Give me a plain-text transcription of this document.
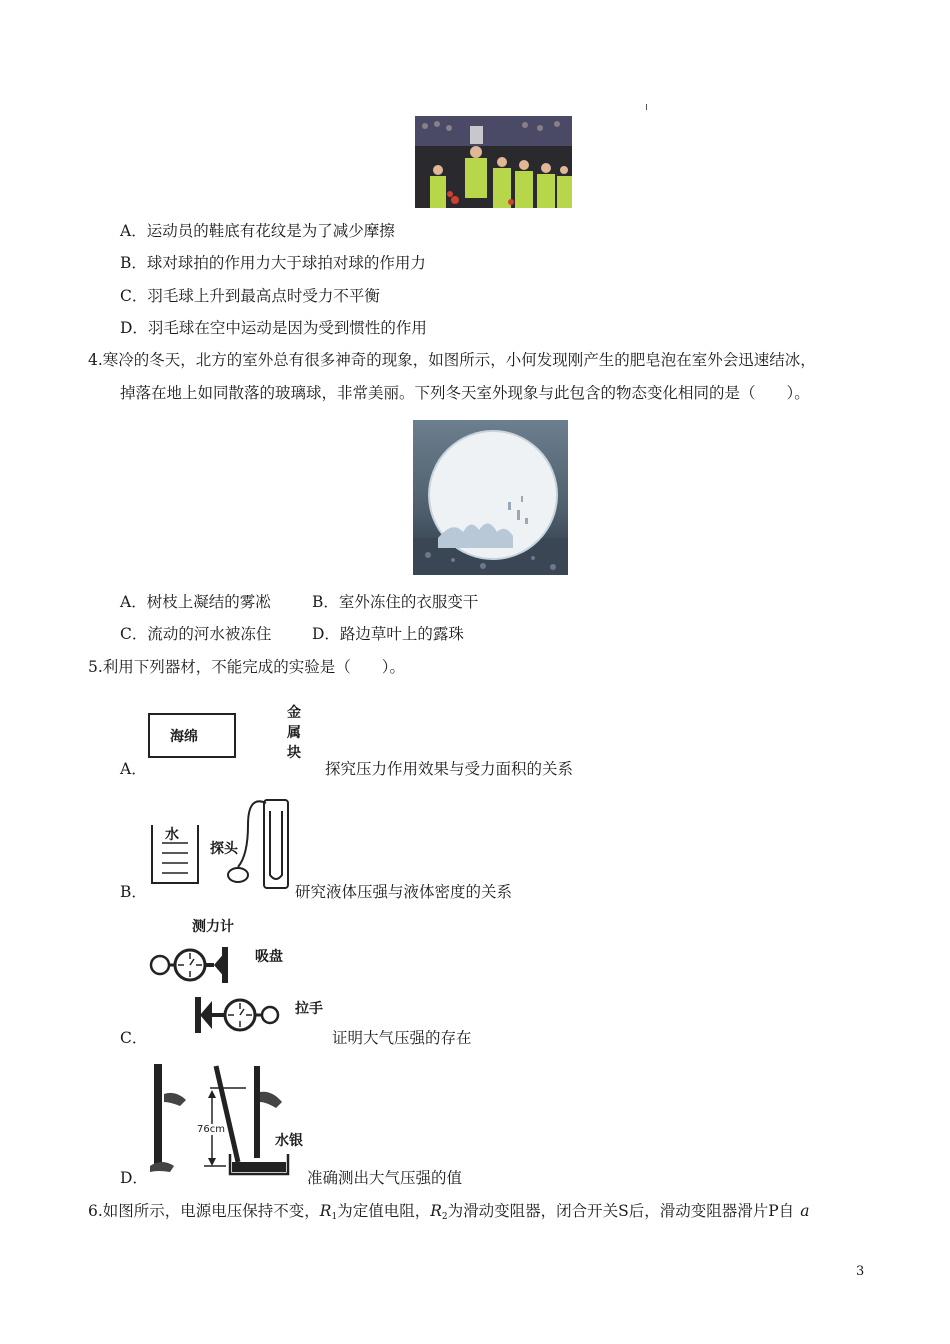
A．运动员的鞋底有花纹是为了减少摩擦
B．球对球拍的作用力大于球拍对球的作用力
C．羽毛球上升到最高点时受力不平衡
D．羽毛球在空中运动是因为受到惯性的作用
4.寒冷的冬天，北方的室外总有很多神奇的现象，如图所示，小何发现刚产生的肥皂泡在室外会迅速结冰，
掉落在地上如同散落的玻璃球，非常美丽。下列冬天室外现象与此包含的物态变化相同的是（　　）。
A．树枝上凝结的雾凇	B．室外冻住的衣服变干
C．流动的河水被冻住	D．路边草叶上的露珠
5.利用下列器材，不能完成的实验是（　　）。
海绵
金
属
块
A．	探究压力作用效果与受力面积的关系
水
探头
B．	研究液体压强与液体密度的关系
测力计
吸盘
拉手
C．	证明大气压强的存在
76cm
水银
D．	准确测出大气压强的值
6.如图所示，电源电压保持不变，$R_1$为定值电阻，$R_2$为滑动变阻器，闭合开关S后，滑动变阻器滑片P自 a
3
